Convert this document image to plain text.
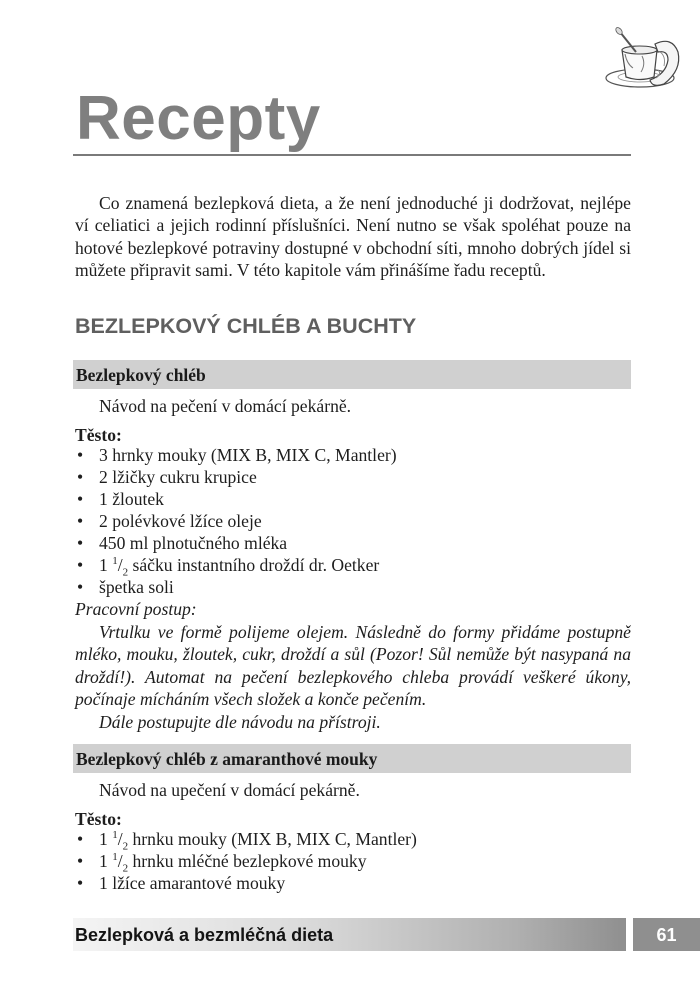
Recepty

Co znamená bezlepková dieta, a že není jednoduché ji dodržovat, nejlépe ví celiatici a jejich rodinní příslušníci. Není nutno se však spoléhat pouze na hotové bezlepkové potraviny dostupné v obchodní síti, mnoho dobrých jídel si můžete připravit sami. V této kapitole vám přinášíme řadu receptů.

BEZLEPKOVÝ CHLÉB A BUCHTY
Bezlepkový chléb
Návod na pečení v domácí pekárně.
Těsto:
• 3 hrnky mouky (MIX B, MIX C, Mantler)
• 2 lžičky cukru krupice
• 1 žloutek
• 2 polévkové lžíce oleje
• 450 ml plnotučného mléka
• 1 $^1/_2$ sáčku instantního droždí dr. Oetker
• špetka soli
Pracovní postup:

Vrtulku ve formě polijeme olejem. Následně do formy přidáme postupně mléko, mouku, žloutek, cukr, droždí a sůl (Pozor! Sůl nemůže být nasypaná na droždí!). Automat na pečení bezlepkového chleba provádí veškeré úkony, počínaje mícháním všech složek a konče pečením.

Dále postupujte dle návodu na přístroji.
Bezlepkový chléb z amaranthové mouky
Návod na upečení v domácí pekárně.
Těsto:
• 1 $^1/_2$ hrnku mouky (MIX B, MIX C, Mantler)
• 1 $^1/_2$ hrnku mléčné bezlepkové mouky
• 1 lžíce amarantové mouky
Bezlepková a bezmléčná dieta	61
